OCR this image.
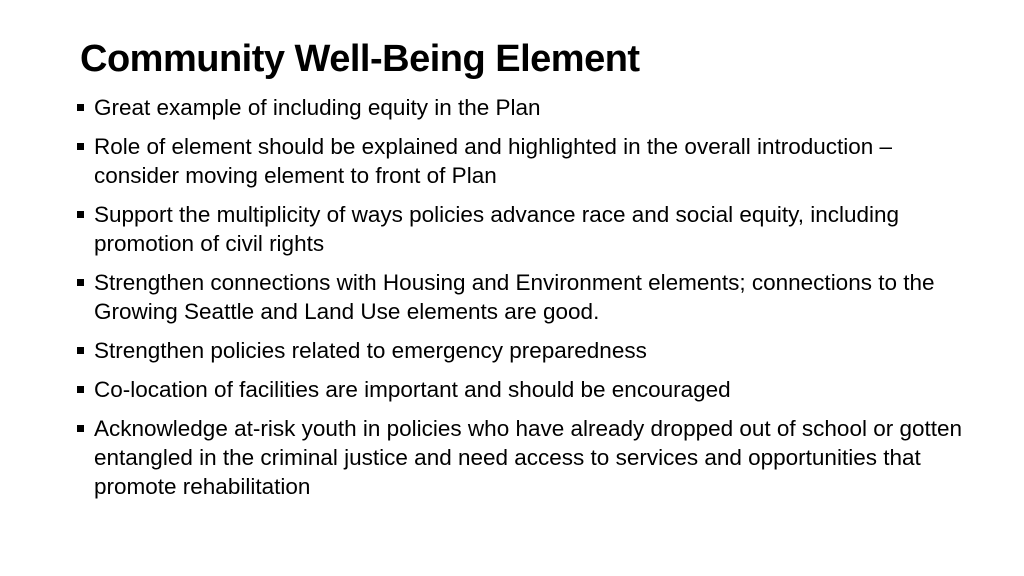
Community Well-Being Element
Great example of including equity in the Plan
Role of element should be explained and highlighted in the overall introduction – consider moving element to front of Plan
Support the multiplicity of ways policies advance race and social equity, including promotion of civil rights
Strengthen connections with Housing and Environment elements; connections to the Growing Seattle and Land Use elements are good.
Strengthen policies related to emergency preparedness
Co-location of facilities are important and should be encouraged
Acknowledge at-risk youth in policies who have already dropped out of school or gotten entangled in the criminal justice and need access to services and opportunities that promote rehabilitation
